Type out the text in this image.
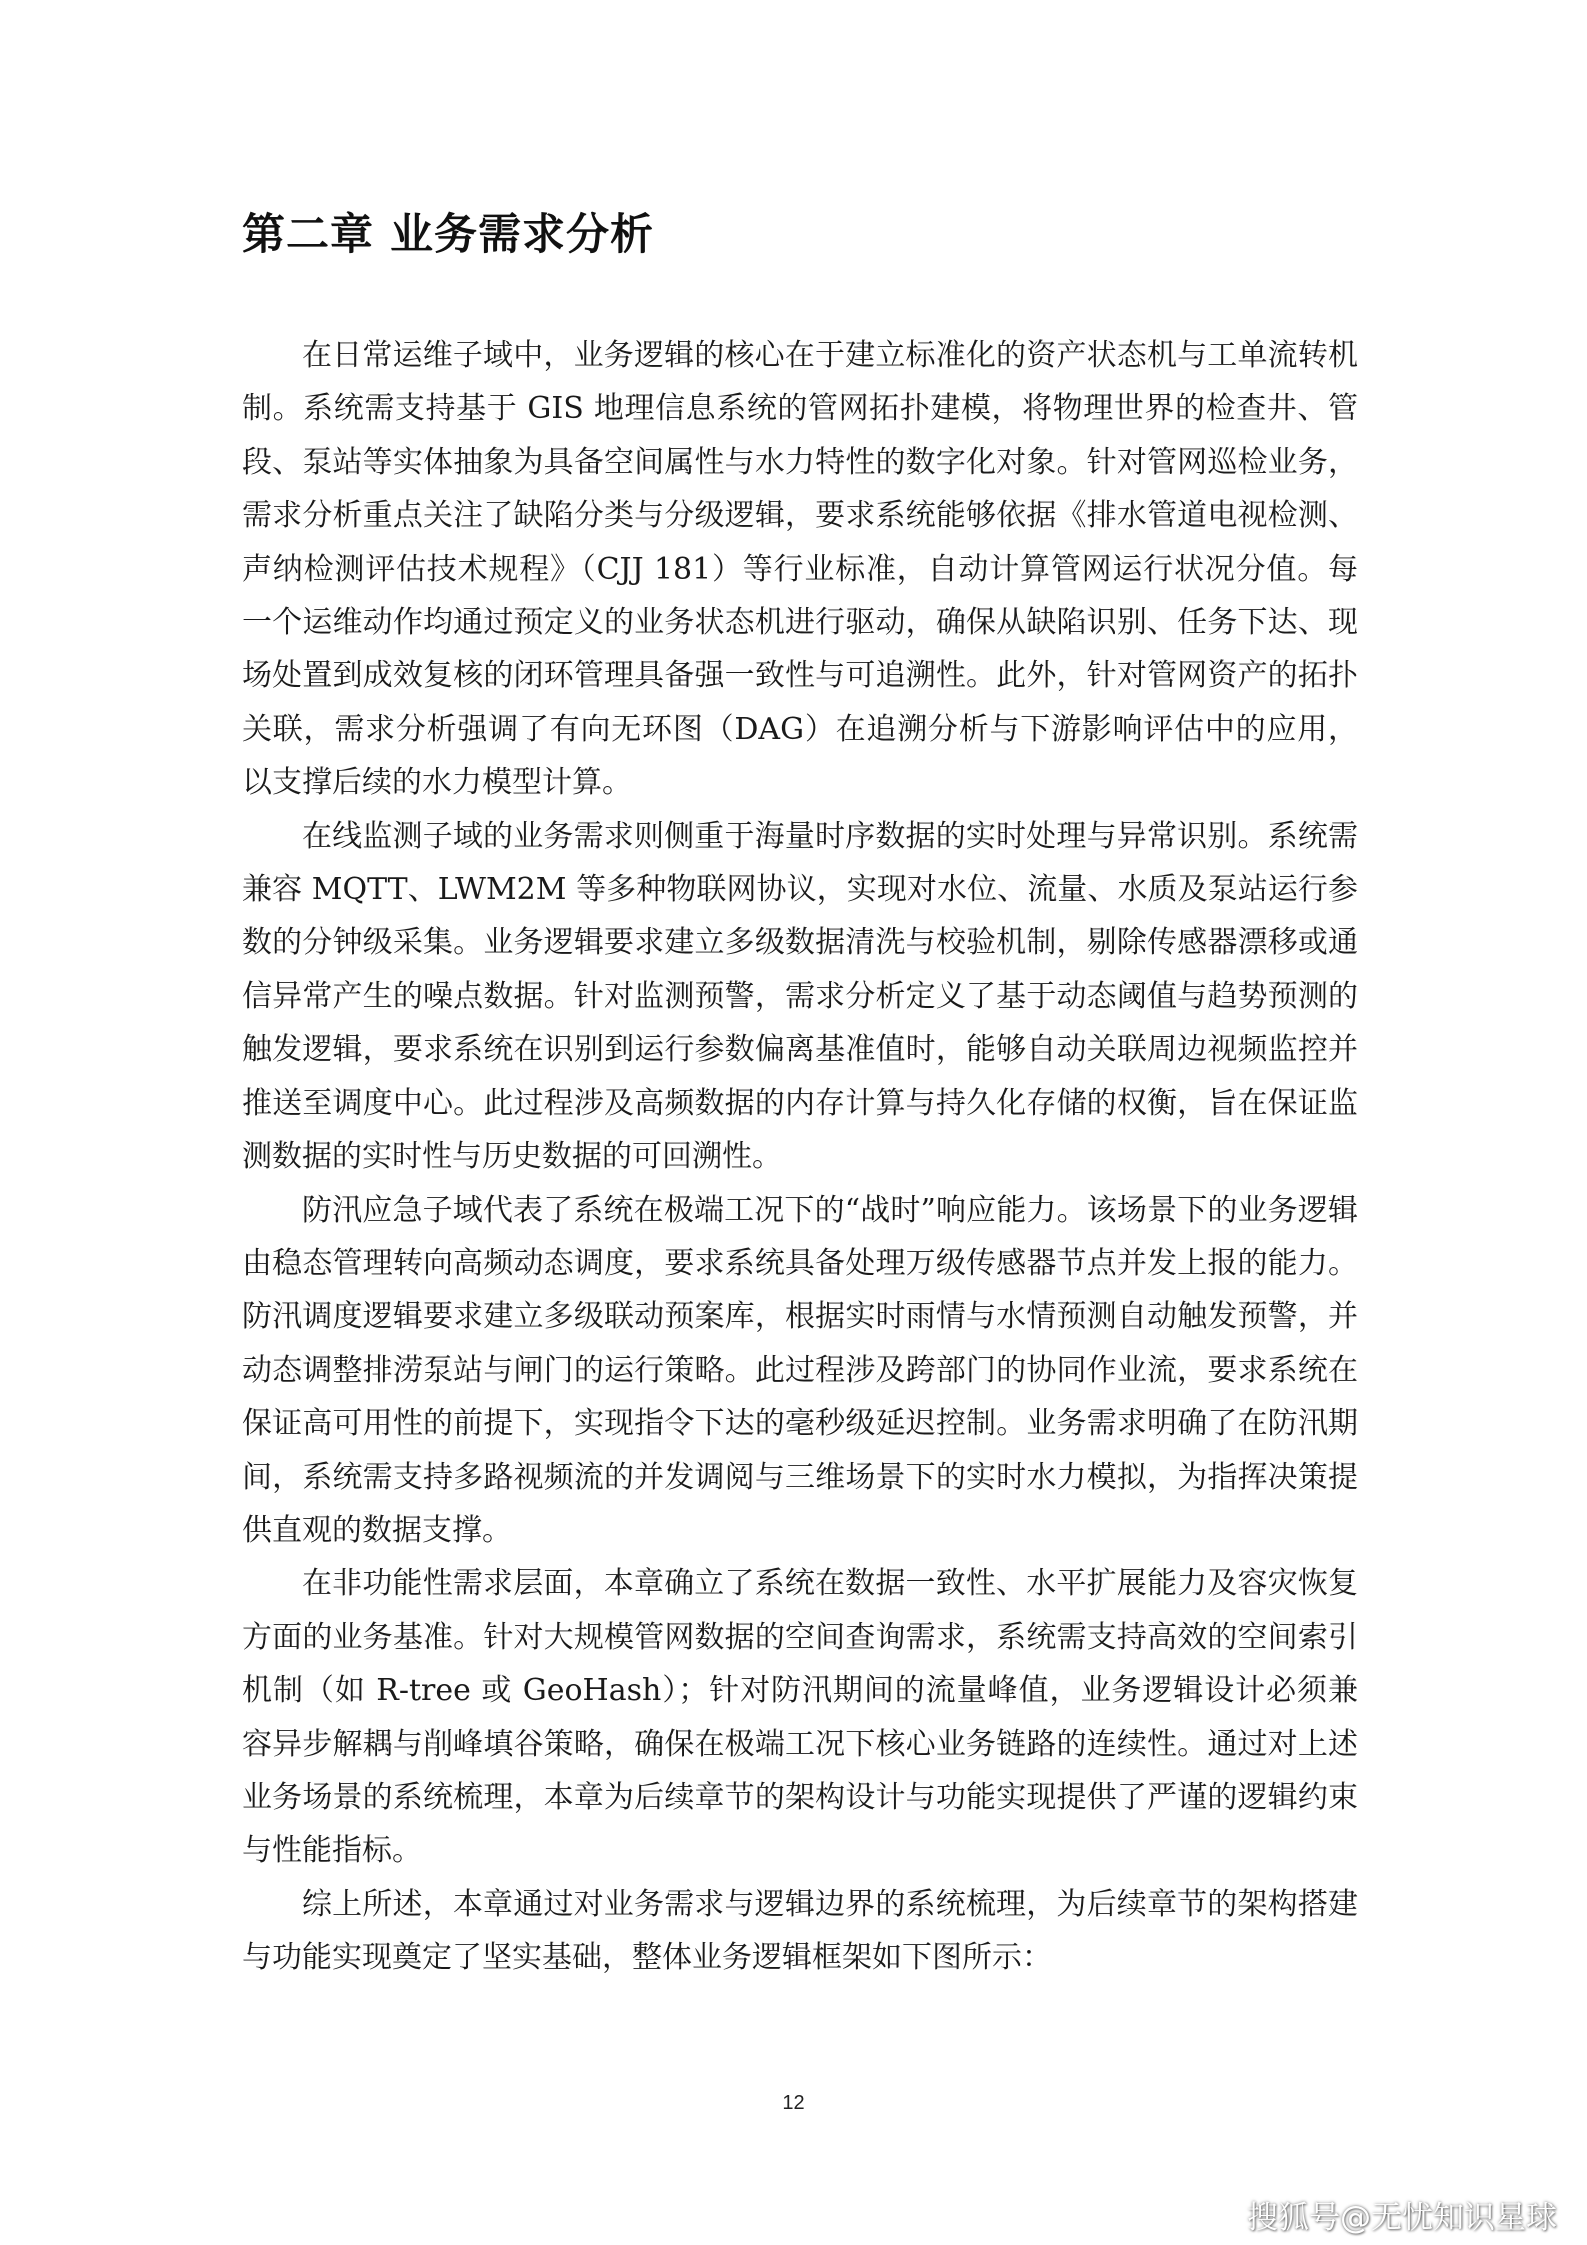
第二章 业务需求分析

在日常运维子域中，业务逻辑的核心在于建立标准化的资产状态机与工单流转机制。系统需支持基于 GIS 地理信息系统的管网拓扑建模，将物理世界的检查井、管段、泵站等实体抽象为具备空间属性与水力特性的数字化对象。针对管网巡检业务，需求分析重点关注了缺陷分类与分级逻辑，要求系统能够依据《排水管道电视检测、声纳检测评估技术规程》（CJJ 181）等行业标准，自动计算管网运行状况分值。每一个运维动作均通过预定义的业务状态机进行驱动，确保从缺陷识别、任务下达、现场处置到成效复核的闭环管理具备强一致性与可追溯性。此外，针对管网资产的拓扑关联，需求分析强调了有向无环图（DAG）在追溯分析与下游影响评估中的应用，以支撑后续的水力模型计算。

在线监测子域的业务需求则侧重于海量时序数据的实时处理与异常识别。系统需兼容 MQTT、LWM2M 等多种物联网协议，实现对水位、流量、水质及泵站运行参数的分钟级采集。业务逻辑要求建立多级数据清洗与校验机制，剔除传感器漂移或通信异常产生的噪点数据。针对监测预警，需求分析定义了基于动态阈值与趋势预测的触发逻辑，要求系统在识别到运行参数偏离基准值时，能够自动关联周边视频监控并推送至调度中心。此过程涉及高频数据的内存计算与持久化存储的权衡，旨在保证监测数据的实时性与历史数据的可回溯性。

防汛应急子域代表了系统在极端工况下的“战时”响应能力。该场景下的业务逻辑由稳态管理转向高频动态调度，要求系统具备处理万级传感器节点并发上报的能力。防汛调度逻辑要求建立多级联动预案库，根据实时雨情与水情预测自动触发预警，并动态调整排涝泵站与闸门的运行策略。此过程涉及跨部门的协同作业流，要求系统在保证高可用性的前提下，实现指令下达的毫秒级延迟控制。业务需求明确了在防汛期间，系统需支持多路视频流的并发调阅与三维场景下的实时水力模拟，为指挥决策提供直观的数据支撑。

在非功能性需求层面，本章确立了系统在数据一致性、水平扩展能力及容灾恢复方面的业务基准。针对大规模管网数据的空间查询需求，系统需支持高效的空间索引机制（如 R-tree 或 GeoHash）；针对防汛期间的流量峰值，业务逻辑设计必须兼容异步解耦与削峰填谷策略，确保在极端工况下核心业务链路的连续性。通过对上述业务场景的系统梳理，本章为后续章节的架构设计与功能实现提供了严谨的逻辑约束与性能指标。

综上所述，本章通过对业务需求与逻辑边界的系统梳理，为后续章节的架构搭建与功能实现奠定了坚实基础，整体业务逻辑框架如下图所示：

12
搜狐号@无忧知识星球
